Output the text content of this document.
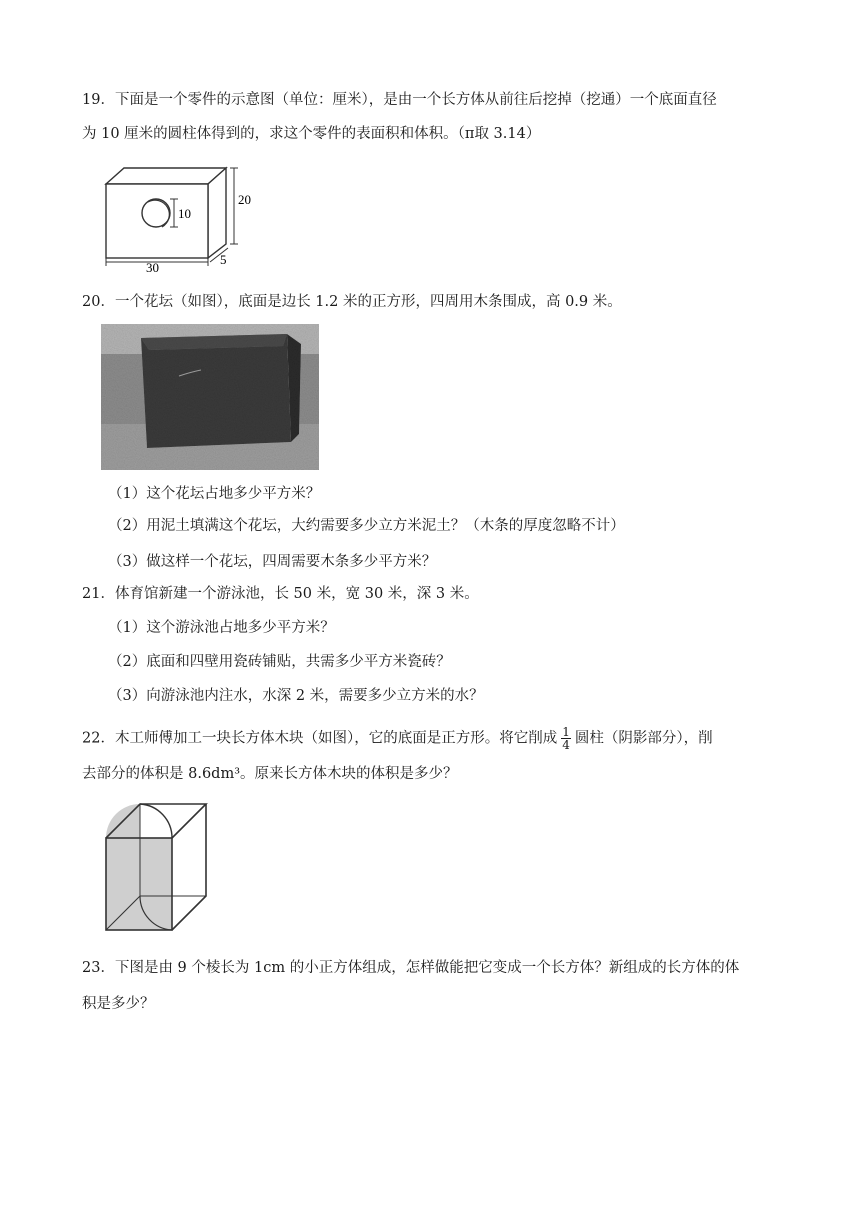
19．下面是一个零件的示意图（单位：厘米），是由一个长方体从前往后挖掉（挖通）一个底面直径
为 10 厘米的圆柱体得到的，求这个零件的表面积和体积。（π取 3.14）
10
20
30
5
20．一个花坛（如图），底面是边长 1.2 米的正方形，四周用木条围成，高 0.9 米。
（1）这个花坛占地多少平方米？
（2）用泥土填满这个花坛，大约需要多少立方米泥土？（木条的厚度忽略不计）
（3）做这样一个花坛，四周需要木条多少平方米？
21．体育馆新建一个游泳池，长 50 米，宽 30 米，深 3 米。
（1）这个游泳池占地多少平方米？
（2）底面和四壁用瓷砖铺贴，共需多少平方米瓷砖？
（3）向游泳池内注水，水深 2 米，需要多少立方米的水？
22．木工师傅加工一块长方体木块（如图），它的底面是正方形。将它削成 $\frac{1}{4}$ 圆柱（阴影部分），削
去部分的体积是 8.6dm³。原来长方体木块的体积是多少？
23．下图是由 9 个棱长为 1cm 的小正方体组成，怎样做能把它变成一个长方体？新组成的长方体的体
积是多少？
